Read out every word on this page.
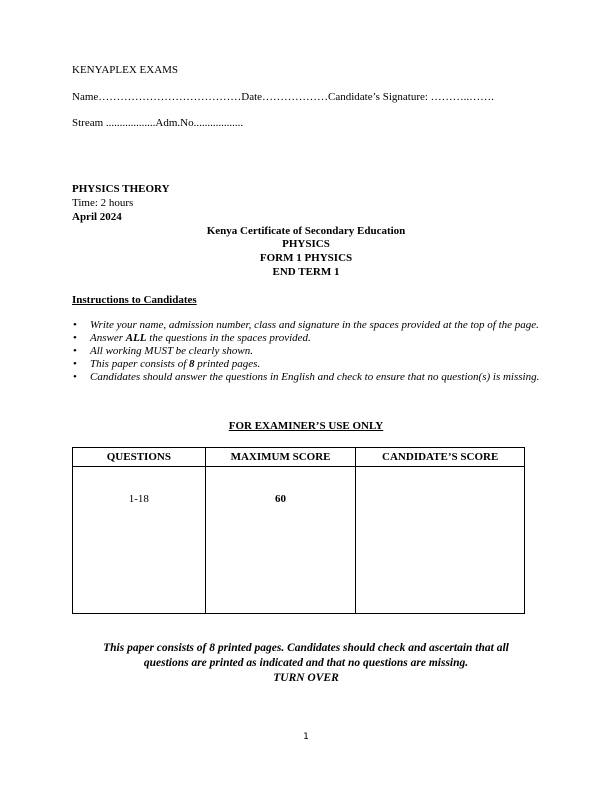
KENYAPLEX EXAMS
Name…………………………………Date………………Candidate’s Signature: ………..…….
Stream ..................Adm.No..................
PHYSICS THEORY
Time: 2 hours
April 2024
Kenya Certificate of Secondary Education
PHYSICS
FORM 1 PHYSICS
END TERM 1
Instructions to Candidates
• Write your name, admission number, class and signature in the spaces provided at the top of the page.
• Answer ALL the questions in the spaces provided.
• All working MUST be clearly shown.
• This paper consists of 8 printed pages.
• Candidates should answer the questions in English and check to ensure that no question(s) is missing.
FOR EXAMINER’S USE ONLY
QUESTIONS	MAXIMUM SCORE	CANDIDATE’S SCORE
1-18	60	
This paper consists of 8 printed pages. Candidates should check and ascertain that all
questions are printed as indicated and that no questions are missing.
TURN OVER
1
